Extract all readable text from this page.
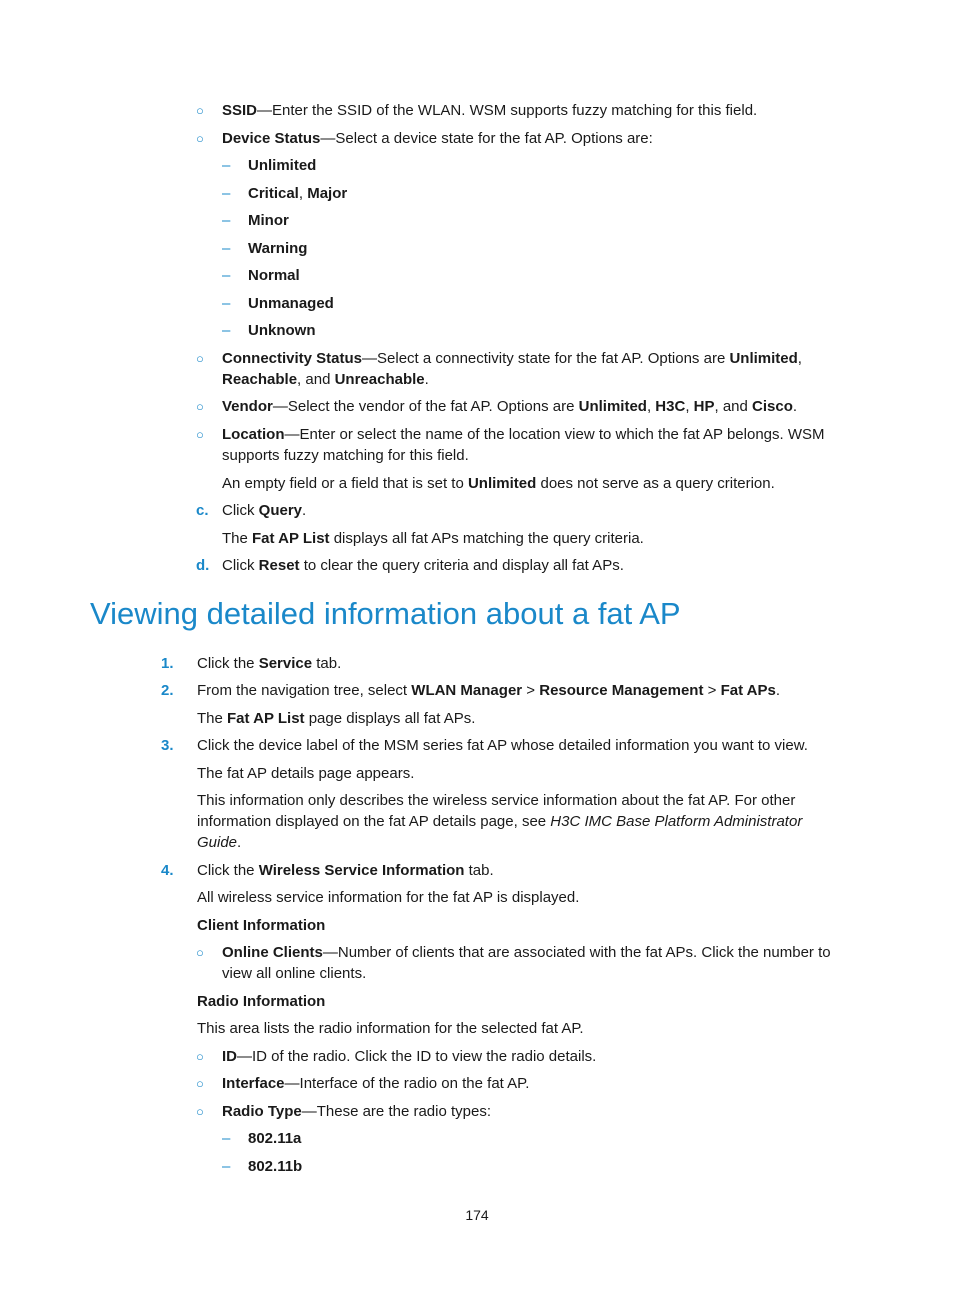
○ SSID—Enter the SSID of the WLAN. WSM supports fuzzy matching for this field.
○ Device Status—Select a device state for the fat AP. Options are:
– Unlimited
– Critical, Major
– Minor
– Warning
– Normal
– Unmanaged
– Unknown
○ Connectivity Status—Select a connectivity state for the fat AP. Options are Unlimited,
Reachable, and Unreachable.
○ Vendor—Select the vendor of the fat AP. Options are Unlimited, H3C, HP, and Cisco.
○ Location—Enter or select the name of the location view to which the fat AP belongs. WSM
supports fuzzy matching for this field.
An empty field or a field that is set to Unlimited does not serve as a query criterion.
c. Click Query.
The Fat AP List displays all fat APs matching the query criteria.
d. Click Reset to clear the query criteria and display all fat APs.
Viewing detailed information about a fat AP
1. Click the Service tab.
2. From the navigation tree, select WLAN Manager > Resource Management > Fat APs.
The Fat AP List page displays all fat APs.
3. Click the device label of the MSM series fat AP whose detailed information you want to view.
The fat AP details page appears.
This information only describes the wireless service information about the fat AP. For other
information displayed on the fat AP details page, see H3C IMC Base Platform Administrator
Guide.
4. Click the Wireless Service Information tab.
All wireless service information for the fat AP is displayed.
Client Information
○ Online Clients—Number of clients that are associated with the fat APs. Click the number to
view all online clients.
Radio Information
This area lists the radio information for the selected fat AP.
○ ID—ID of the radio. Click the ID to view the radio details.
○ Interface—Interface of the radio on the fat AP.
○ Radio Type—These are the radio types:
– 802.11a
– 802.11b
174
